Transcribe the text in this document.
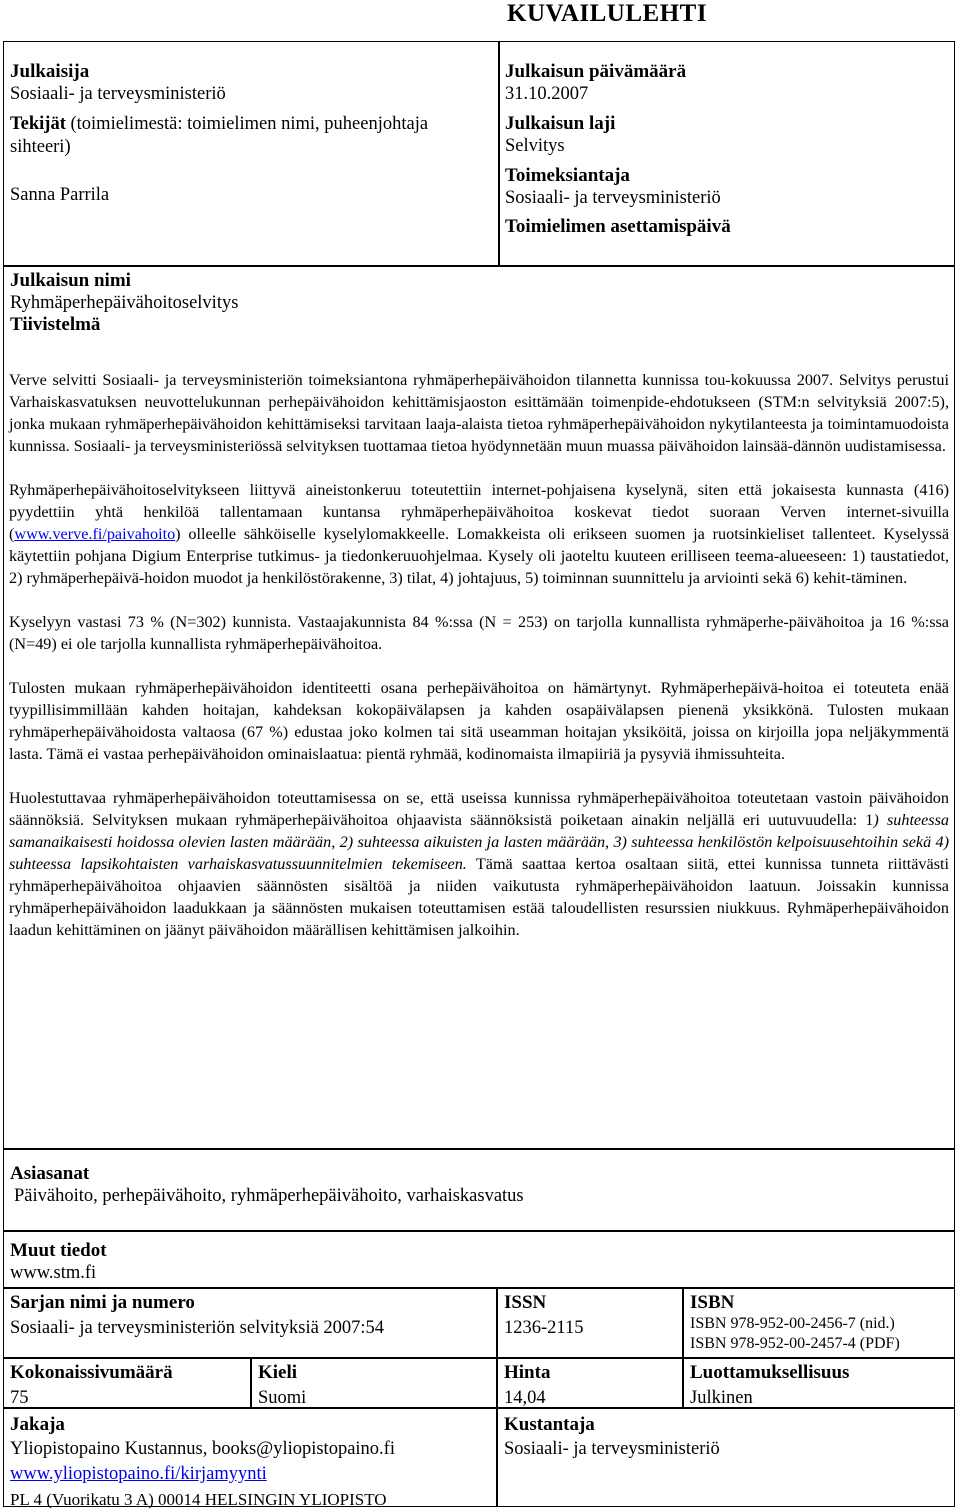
KUVAILULEHTI
Julkaisija
Sosiaali- ja terveysministeriö
Tekijät (toimielimestä: toimielimen nimi, puheenjohtaja sihteeri)
Sanna Parrila
Julkaisun päivämäärä
31.10.2007
Julkaisun laji
Selvitys
Toimeksiantaja
Sosiaali- ja terveysministeriö
Toimielimen asettamispäivä
Julkaisun nimi
Ryhmäperhepäivähoitoselvitys
Tiivistelmä

Verve selvitti Sosiaali- ja terveysministeriön toimeksiantona ryhmäperhepäivähoidon tilannetta kunnissa tou-kokuussa 2007. Selvitys perustui Varhaiskasvatuksen neuvottelukunnan perhepäivähoidon kehittämisjaoston esittämään toimenpide-ehdotukseen (STM:n selvityksiä 2007:5), jonka mukaan ryhmäperhepäivähoidon kehittämiseksi tarvitaan laaja-alaista tietoa ryhmäperhepäivähoidon nykytilanteesta ja toimintamuodoista kunnissa. Sosiaali- ja terveysministeriössä selvityksen tuottamaa tietoa hyödynnetään muun muassa päivähoidon lainsää-dännön uudistamisessa.

Ryhmäperhepäivähoitoselvitykseen liittyvä aineistonkeruu toteutettiin internet-pohjaisena kyselynä, siten että jokaisesta kunnasta (416) pyydettiin yhtä henkilöä tallentamaan kuntansa ryhmäperhepäivähoitoa koskevat tiedot suoraan Verven internet-sivuilla (www.verve.fi/paivahoito) olleelle sähköiselle kyselylomakkeelle. Lomakkeista oli erikseen suomen ja ruotsinkieliset tallenteet. Kyselyssä käytettiin pohjana Digium Enterprise tutkimus- ja tiedonkeruuohjelmaa. Kysely oli jaoteltu kuuteen erilliseen teema-alueeseen: 1) taustatiedot, 2) ryhmäperhepäivä-hoidon muodot ja henkilöstörakenne, 3) tilat, 4) johtajuus, 5) toiminnan suunnittelu ja arviointi sekä 6) kehit-täminen.

Kyselyyn vastasi 73 % (N=302) kunnista. Vastaajakunnista 84 %:ssa (N = 253) on tarjolla kunnallista ryhmäperhe-päivähoitoa ja 16 %:ssa (N=49) ei ole tarjolla kunnallista ryhmäperhepäivähoitoa.

Tulosten mukaan ryhmäperhepäivähoidon identiteetti osana perhepäivähoitoa on hämärtynyt. Ryhmäperhepäivä-hoitoa ei toteuteta enää tyypillisimmillään kahden hoitajan, kahdeksan kokopäivälapsen ja kahden osapäivälapsen pienenä yksikkönä. Tulosten mukaan ryhmäperhepäivähoidosta valtaosa (67 %) edustaa joko kolmen tai sitä useamman hoitajan yksiköitä, joissa on kirjoilla jopa neljäkymmentä lasta. Tämä ei vastaa perhepäivähoidon ominaislaatua: pientä ryhmää, kodinomaista ilmapiiriä ja pysyviä ihmissuhteita.

Huolestuttavaa ryhmäperhepäivähoidon toteuttamisessa on se, että useissa kunnissa ryhmäperhepäivähoitoa toteutetaan vastoin päivähoidon säännöksiä. Selvityksen mukaan ryhmäperhepäivähoitoa ohjaavista säännöksistä poiketaan ainakin neljällä eri uutuvuudella: 1) suhteessa samanaikaisesti hoidossa olevien lasten määrään, 2) suhteessa aikuisten ja lasten määrään, 3) suhteessa henkilöstön kelpoisuusehtoihin sekä 4) suhteessa lapsikohtaisten varhaiskasvatussuunnitelmien tekemiseen. Tämä saattaa kertoa osaltaan siitä, ettei kunnissa tunneta riittävästi ryhmäperhepäivähoitoa ohjaavien säännösten sisältöä ja niiden vaikutusta ryhmäperhepäivähoidon laatuun. Joissakin kunnissa ryhmäperhepäivähoidon laadukkaan ja säännösten mukaisen toteuttamisen estää taloudellisten resurssien niukkuus. Ryhmäperhepäivähoidon laadun kehittäminen on jäänyt päivähoidon määrällisen kehittämisen jalkoihin.

Asiasanat
Päivähoito, perhepäivähoito, ryhmäperhepäivähoito, varhaiskasvatus
Muut tiedot
www.stm.fi
Sarjan nimi ja numero
Sosiaali- ja terveysministeriön selvityksiä 2007:54
ISSN
1236-2115
ISBN
ISBN 978-952-00-2456-7 (nid.)
ISBN 978-952-00-2457-4 (PDF)
Kokonaissivumäärä
75
Kieli
Suomi
Hinta
14,04
Luottamuksellisuus
Julkinen
Jakaja
Yliopistopaino Kustannus, books@yliopistopaino.fi
www.yliopistopaino.fi/kirjamyynti
PL 4 (Vuorikatu 3 A) 00014 HELSINGIN YLIOPISTO
Kustantaja
Sosiaali- ja terveysministeriö
